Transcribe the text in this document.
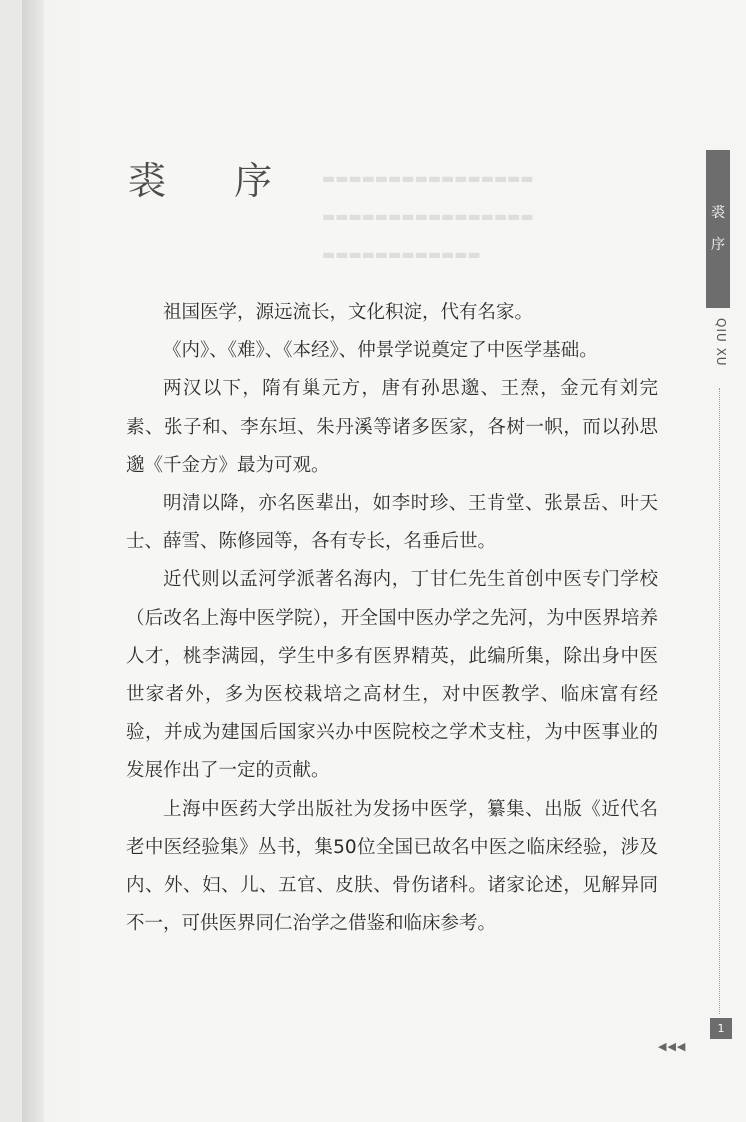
▬▬▬▬▬▬▬▬▬▬▬▬▬▬▬▬
▬▬▬▬▬▬▬▬▬▬▬▬▬▬▬▬
▬▬▬▬▬▬▬▬▬▬▬▬
裘 序
裘
序
QIU XU

祖国医学，源远流长，文化积淀，代有名家。

《内》、《难》、《本经》、仲景学说奠定了中医学基础。

两汉以下，隋有巢元方，唐有孙思邈、王焘，金元有刘完素、张子和、李东垣、朱丹溪等诸多医家，各树一帜，而以孙思邈《千金方》最为可观。

明清以降，亦名医辈出，如李时珍、王肯堂、张景岳、叶天士、薛雪、陈修园等，各有专长，名垂后世。

近代则以孟河学派著名海内，丁甘仁先生首创中医专门学校（后改名上海中医学院），开全国中医办学之先河，为中医界培养人才，桃李满园，学生中多有医界精英，此编所集，除出身中医世家者外，多为医校栽培之高材生，对中医教学、临床富有经验，并成为建国后国家兴办中医院校之学术支柱，为中医事业的发展作出了一定的贡献。

上海中医药大学出版社为发扬中医学，纂集、出版《近代名老中医经验集》丛书，集50位全国已故名中医之临床经验，涉及内、外、妇、儿、五官、皮肤、骨伤诸科。诸家论述，见解异同不一，可供医界同仁治学之借鉴和临床参考。

1
◀◀◀
